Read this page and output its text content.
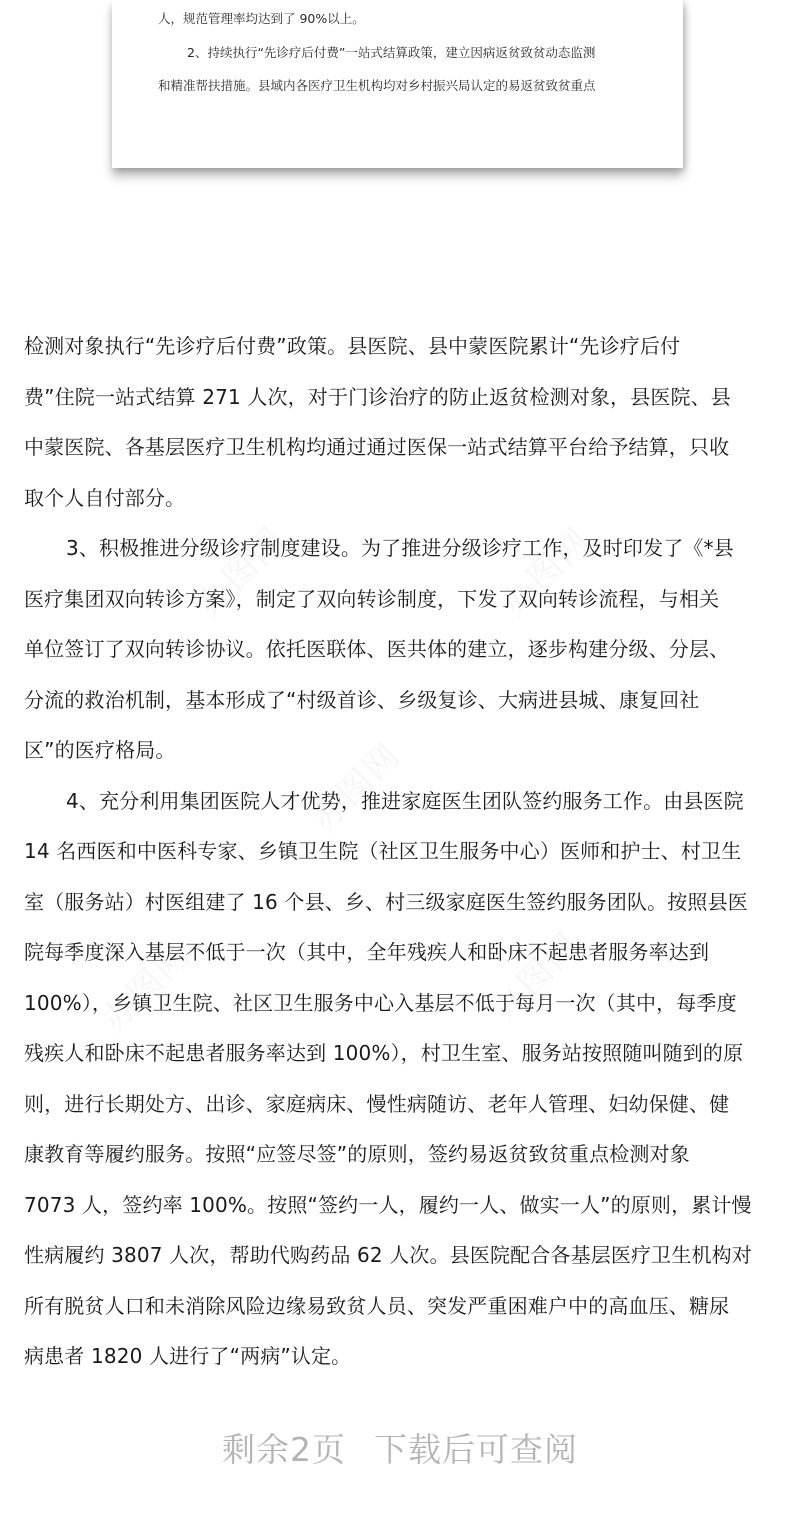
办图网	办图网
办图网
办图网	办图网
人，规范管理率均达到了 90%以上。
2、持续执行“先诊疗后付费”一站式结算政策，建立因病返贫致贫动态监测
和精准帮扶措施。县域内各医疗卫生机构均对乡村振兴局认定的易返贫致贫重点
检测对象执行“先诊疗后付费”政策。县医院、县中蒙医院累计“先诊疗后付
费”住院一站式结算 271 人次，对于门诊治疗的防止返贫检测对象，县医院、县
中蒙医院、各基层医疗卫生机构均通过通过医保一站式结算平台给予结算，只收
取个人自付部分。
3、积极推进分级诊疗制度建设。为了推进分级诊疗工作，及时印发了《*县
医疗集团双向转诊方案》，制定了双向转诊制度，下发了双向转诊流程，与相关
单位签订了双向转诊协议。依托医联体、医共体的建立，逐步构建分级、分层、
分流的救治机制，基本形成了“村级首诊、乡级复诊、大病进县城、康复回社
区”的医疗格局。
4、充分利用集团医院人才优势，推进家庭医生团队签约服务工作。由县医院
14 名西医和中医科专家、乡镇卫生院（社区卫生服务中心）医师和护士、村卫生
室（服务站）村医组建了 16 个县、乡、村三级家庭医生签约服务团队。按照县医
院每季度深入基层不低于一次（其中，全年残疾人和卧床不起患者服务率达到
100%），乡镇卫生院、社区卫生服务中心入基层不低于每月一次（其中，每季度
残疾人和卧床不起患者服务率达到 100%），村卫生室、服务站按照随叫随到的原
则，进行长期处方、出诊、家庭病床、慢性病随访、老年人管理、妇幼保健、健
康教育等履约服务。按照“应签尽签”的原则，签约易返贫致贫重点检测对象
7073 人，签约率 100%。按照“签约一人，履约一人、做实一人”的原则，累计慢
性病履约 3807 人次，帮助代购药品 62 人次。县医院配合各基层医疗卫生机构对
所有脱贫人口和未消除风险边缘易致贫人员、突发严重困难户中的高血压、糖尿
病患者 1820 人进行了“两病”认定。
剩余2页 下载后可查阅
